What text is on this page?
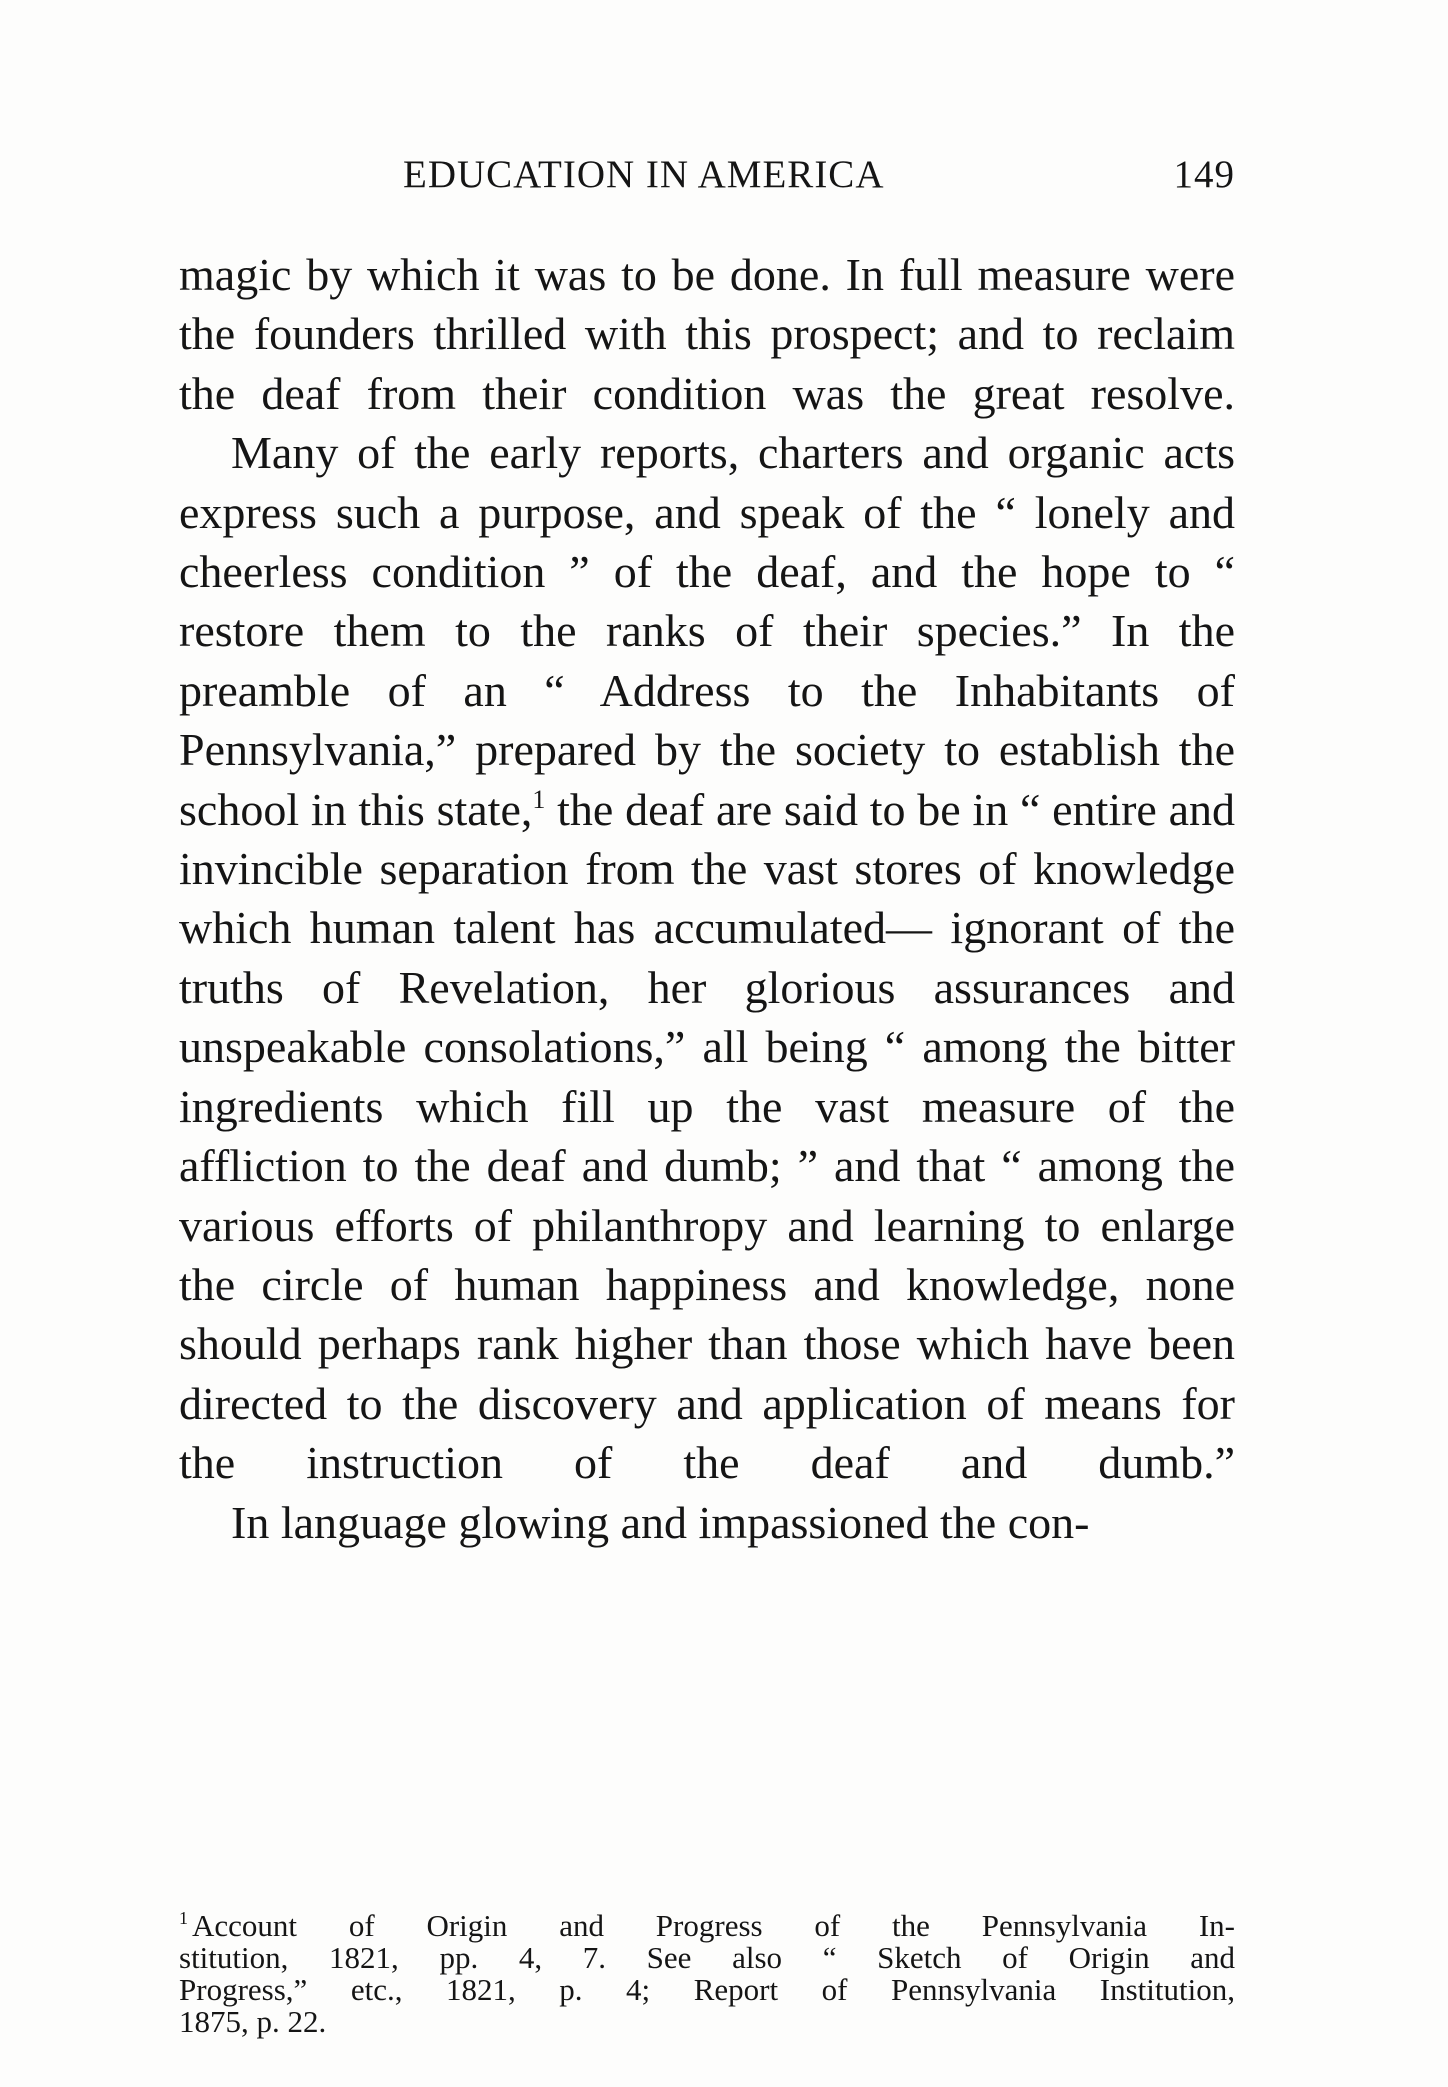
EDUCATION IN AMERICA	149

magic by which it was to be done. In full measure were the founders thrilled with this prospect; and to reclaim the deaf from their condition was the great resolve.

Many of the early reports, charters and organic acts express such a purpose, and speak of the “ lonely and cheerless condition ” of the deaf, and the hope to “ restore them to the ranks of their species.” In the preamble of an “ Address to the Inhabitants of Pennsylvania,” prepared by the society to establish the school in this state,$^1$ the deaf are said to be in “ entire and invincible separation from the vast stores of knowledge which human talent has accumulated— ignorant of the truths of Revelation, her glorious assurances and unspeakable consolations,” all being “ among the bitter ingredients which fill up the vast measure of the affliction to the deaf and dumb; ” and that “ among the various efforts of philanthropy and learning to enlarge the circle of human happiness and knowledge, none should perhaps rank higher than those which have been directed to the discovery and application of means for the instruction of the deaf and dumb.”

In language glowing and impassioned the con-

$^1$ Account of Origin and Progress of the Pennsylvania In-
stitution, 1821, pp. 4, 7. See also “ Sketch of Origin and
Progress,” etc., 1821, p. 4; Report of Pennsylvania Institution,
1875, p. 22.
